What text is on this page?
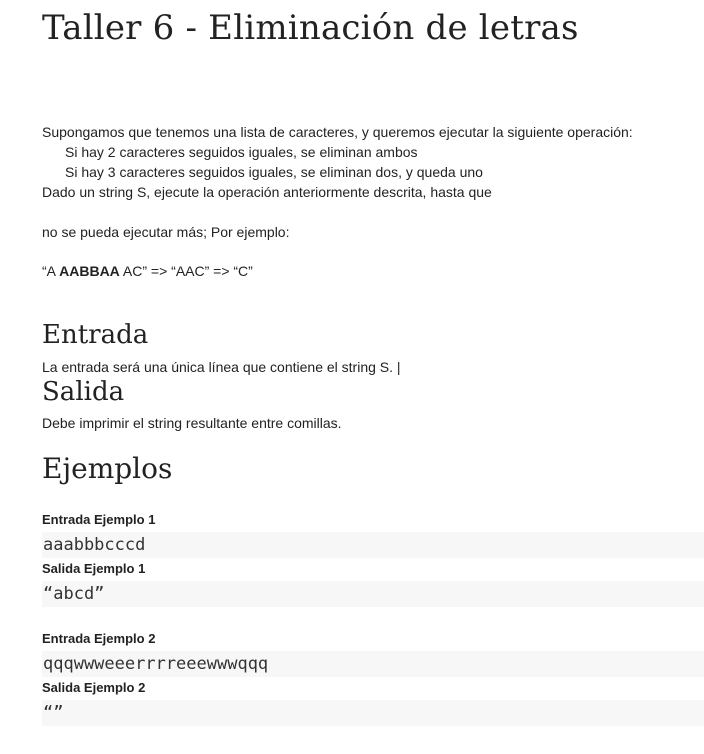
Taller 6 - Eliminación de letras
Supongamos que tenemos una lista de caracteres, y queremos ejecutar la siguiente operación:
Si hay 2 caracteres seguidos iguales, se eliminan ambos
Si hay 3 caracteres seguidos iguales, se eliminan dos, y queda uno
Dado un string S, ejecute la operación anteriormente descrita, hasta que
no se pueda ejecutar más; Por ejemplo:
“A AABBAA AC” => “AAC” => “C”
Entrada
La entrada será una única línea que contiene el string S. |
Salida
Debe imprimir el string resultante entre comillas.
Ejemplos
Entrada Ejemplo 1
aaabbbcccd
Salida Ejemplo 1
“abcd”
Entrada Ejemplo 2
qqqwwweeerrrreeewwwqqq
Salida Ejemplo 2
“”
